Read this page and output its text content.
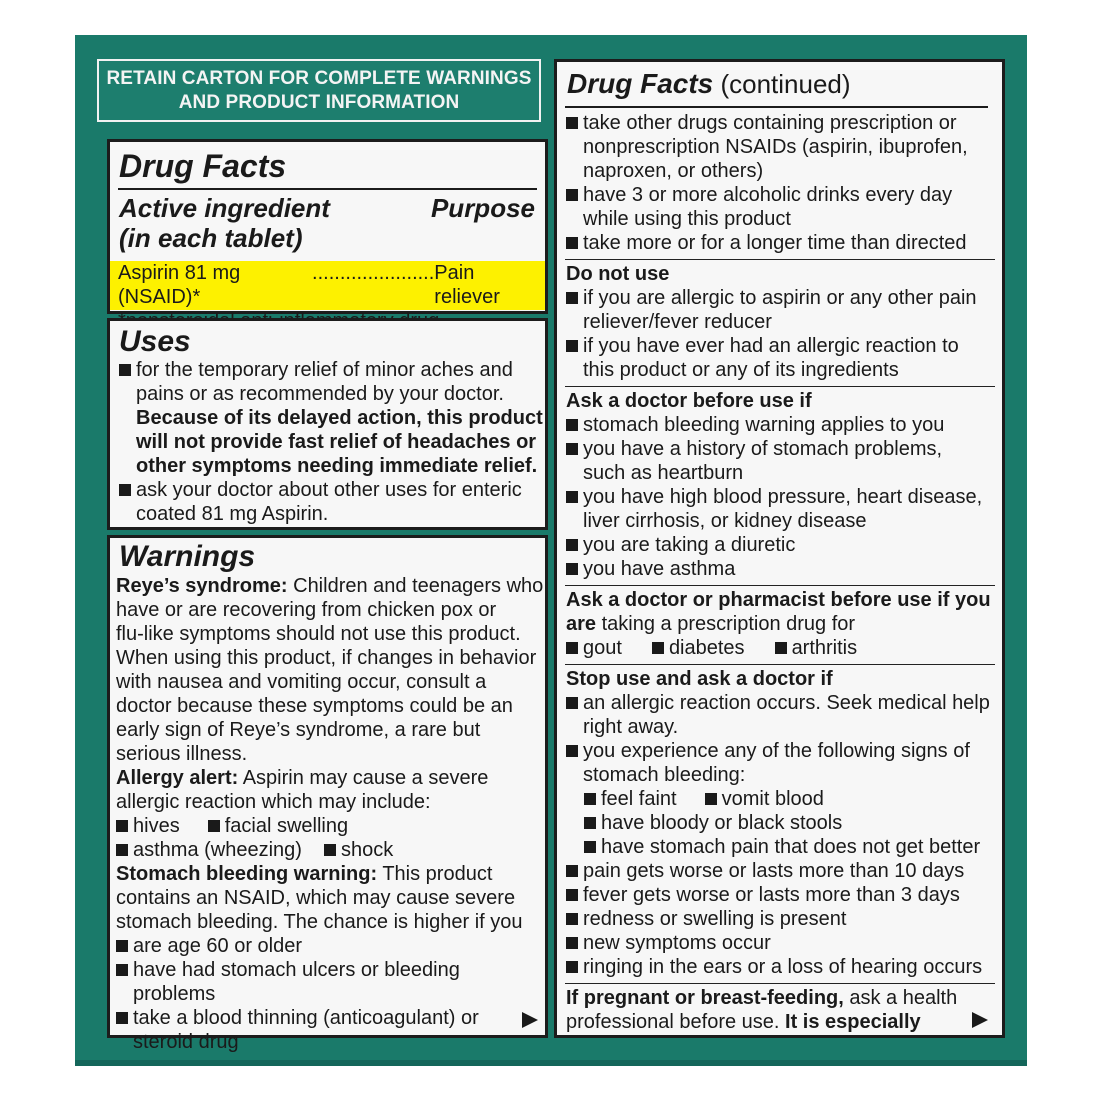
RETAIN CARTON FOR COMPLETE WARNINGS
AND PRODUCT INFORMATION
Drug Facts
Active ingredient
(in each tablet)
Purpose
Aspirin 81 mg (NSAID)*
...................... Pain reliever
Uses
for the temporary relief of minor aches and
pains or as recommended by your doctor.
Because of its delayed action, this product
will not provide fast relief of headaches or
other symptoms needing immediate relief.
ask your doctor about other uses for enteric
coated 81 mg Aspirin.
Warnings
Reye’s syndrome: Children and teenagers who
have or are recovering from chicken pox or
flu-like symptoms should not use this product.
When using this product, if changes in behavior
with nausea and vomiting occur, consult a
doctor because these symptoms could be an
early sign of Reye’s syndrome, a rare but
serious illness.
Allergy alert: Aspirin may cause a severe
allergic reaction which may include:
hives facial swelling
asthma (wheezing) shock
Stomach bleeding warning: This product
contains an NSAID, which may cause severe
stomach bleeding. The chance is higher if you
are age 60 or older
have had stomach ulcers or bleeding problems
take a blood thinning (anticoagulant) or
steroid drug
Drug Facts (continued)
take other drugs containing prescription or
nonprescription NSAIDs (aspirin, ibuprofen,
naproxen, or others)
have 3 or more alcoholic drinks every day
while using this product
take more or for a longer time than directed
Do not use
if you are allergic to aspirin or any other pain
reliever/fever reducer
if you have ever had an allergic reaction to
this product or any of its ingredients
Ask a doctor before use if
stomach bleeding warning applies to you
you have a history of stomach problems,
such as heartburn
you have high blood pressure, heart disease,
liver cirrhosis, or kidney disease
you are taking a diuretic
you have asthma
Ask a doctor or pharmacist before use if you
are taking a prescription drug for
gout diabetes arthritis
Stop use and ask a doctor if
an allergic reaction occurs. Seek medical help
right away.
you experience any of the following signs of
stomach bleeding:
feel faint vomit blood
have bloody or black stools
have stomach pain that does not get better
pain gets worse or lasts more than 10 days
fever gets worse or lasts more than 3 days
redness or swelling is present
new symptoms occur
ringing in the ears or a loss of hearing occurs
If pregnant or breast-feeding, ask a health
professional before use. It is especially
